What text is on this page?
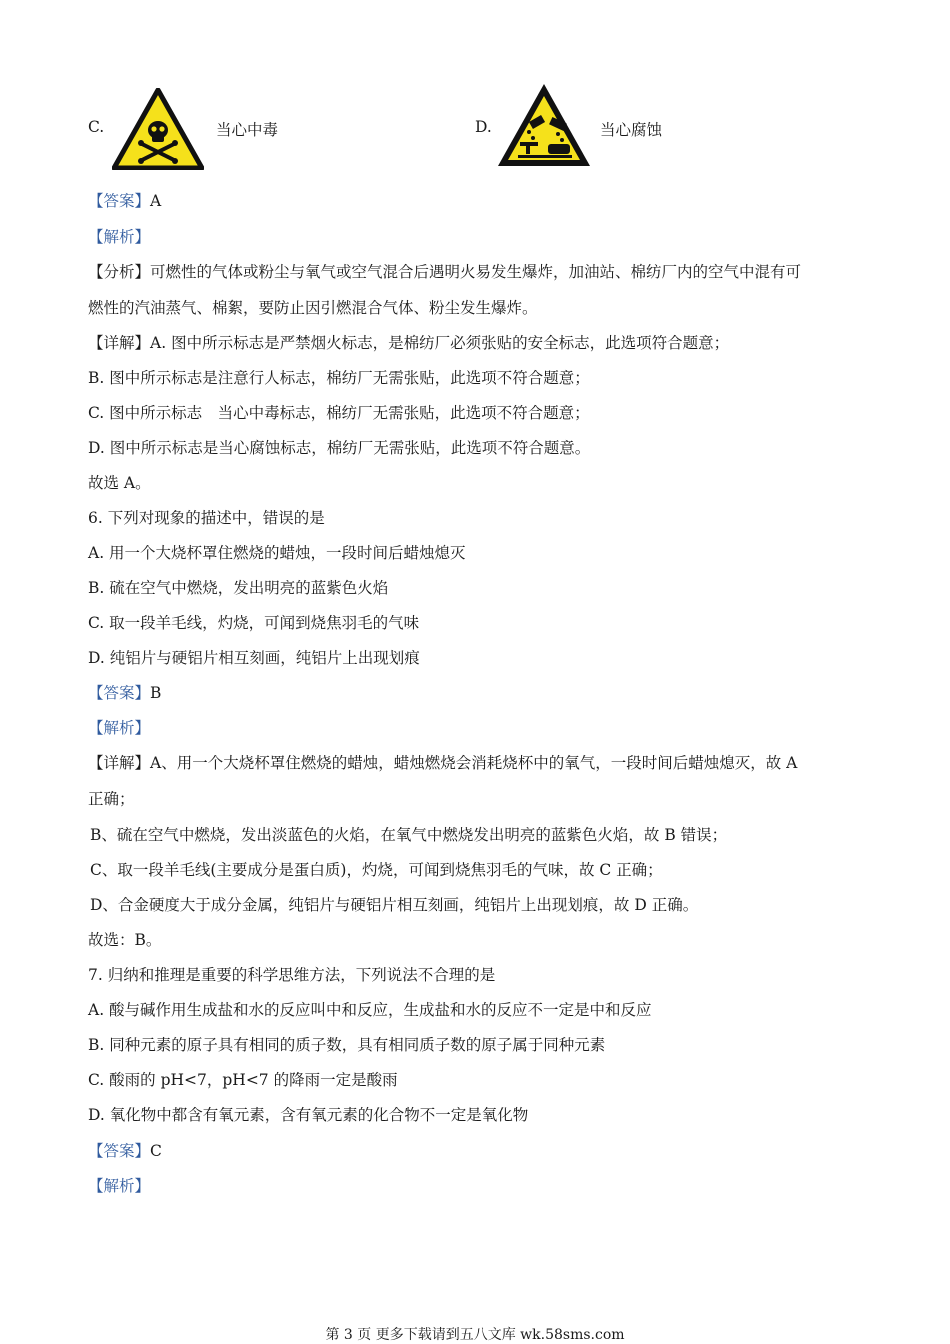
C.	当心中毒	D.	当心腐蚀
【答案】A
【解析】
【分析】可燃性的气体或粉尘与氧气或空气混合后遇明火易发生爆炸，加油站、棉纺厂内的空气中混有可
燃性的汽油蒸气、棉絮，要防止因引燃混合气体、粉尘发生爆炸。
【详解】A. 图中所示标志是严禁烟火标志，是棉纺厂必须张贴的安全标志，此选项符合题意；
B. 图中所示标志是注意行人标志，棉纺厂无需张贴，此选项不符合题意；
C. 图中所示标志　当心中毒标志，棉纺厂无需张贴，此选项不符合题意；
D. 图中所示标志是当心腐蚀标志，棉纺厂无需张贴，此选项不符合题意。
故选 A。
6. 下列对现象的描述中，错误的是
A. 用一个大烧杯罩住燃烧的蜡烛，一段时间后蜡烛熄灭
B. 硫在空气中燃烧，发出明亮的蓝紫色火焰
C. 取一段羊毛线，灼烧，可闻到烧焦羽毛的气味
D. 纯铝片与硬铝片相互刻画，纯铝片上出现划痕
【答案】B
【解析】
【详解】A、用一个大烧杯罩住燃烧的蜡烛，蜡烛燃烧会消耗烧杯中的氧气，一段时间后蜡烛熄灭，故 A
正确；
B、硫在空气中燃烧，发出淡蓝色的火焰，在氧气中燃烧发出明亮的蓝紫色火焰，故 B 错误；
C、取一段羊毛线(主要成分是蛋白质)，灼烧，可闻到烧焦羽毛的气味，故 C 正确；
D、合金硬度大于成分金属，纯铝片与硬铝片相互刻画，纯铝片上出现划痕，故 D 正确。
故选：B。
7. 归纳和推理是重要的科学思维方法，下列说法不合理的是
A. 酸与碱作用生成盐和水的反应叫中和反应，生成盐和水的反应不一定是中和反应
B. 同种元素的原子具有相同的质子数，具有相同质子数的原子属于同种元素
C. 酸雨的 pH<7，pH<7 的降雨一定是酸雨
D. 氧化物中都含有氧元素，含有氧元素的化合物不一定是氧化物
【答案】C
【解析】
第 3 页 更多下载请到五八文库 wk.58sms.com
